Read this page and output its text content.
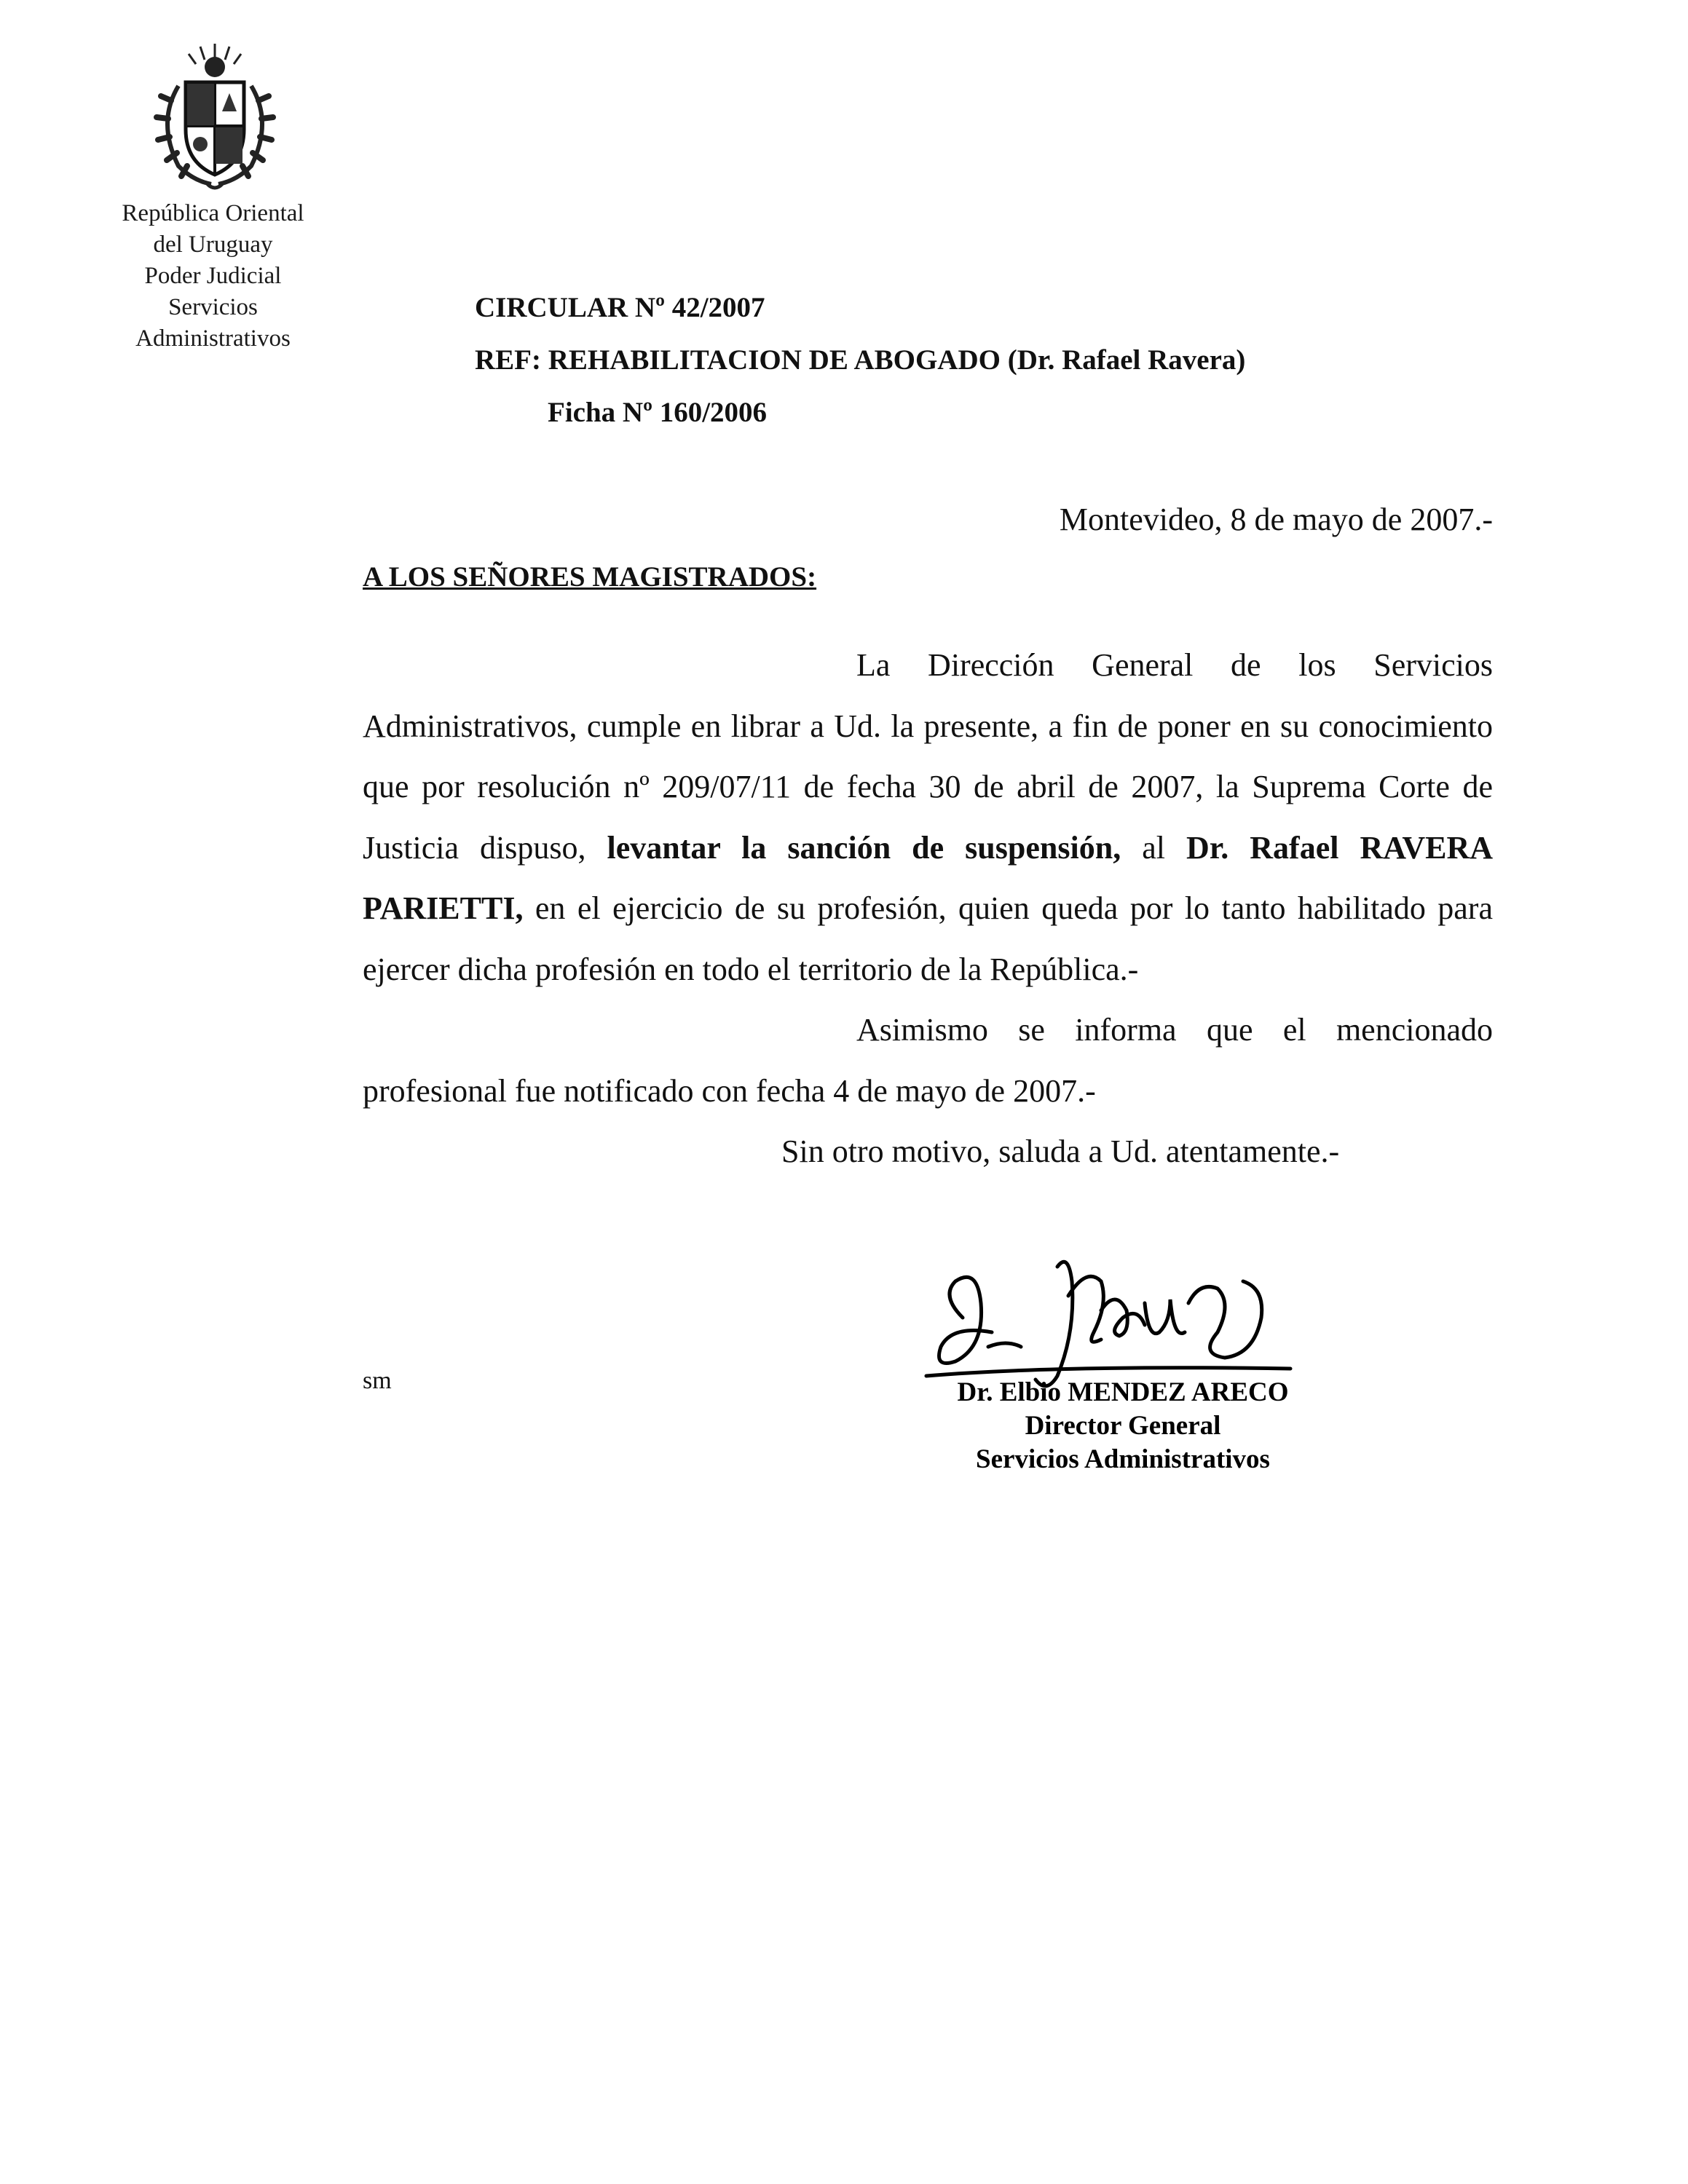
República Oriental
del Uruguay
Poder Judicial
Servicios
Administrativos
CIRCULAR Nº 42/2007
REF: REHABILITACION DE ABOGADO (Dr. Rafael Ravera)
Ficha Nº 160/2006
Montevideo, 8 de mayo de 2007.-
A LOS SEÑORES MAGISTRADOS:

La Dirección General de los Servicios Administrativos, cumple en librar a Ud. la presente, a fin de poner en su conocimiento que por resolución nº 209/07/11 de fecha 30 de abril de 2007, la Suprema Corte de Justicia dispuso, levantar la sanción de suspensión, al Dr. Rafael RAVERA PARIETTI, en el ejercicio de su profesión, quien queda por lo tanto habilitado para ejercer dicha profesión en todo el territorio de la República.-

Asimismo se informa que el mencionado profesional fue notificado con fecha 4 de mayo de 2007.-

Sin otro motivo, saluda a Ud. atentamente.-

sm	Dr. Elbio MENDEZ ARECO
Director General
Servicios Administrativos
